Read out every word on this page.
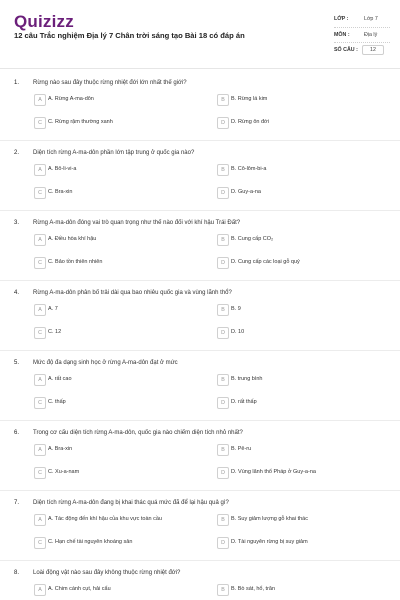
Quizizz
12 câu Trắc nghiệm Địa lý 7 Chân trời sáng tạo Bài 18 có đáp án
LỚP :	Lớp 7
MÔN :	Địa lý
SỐ CÂU :	12
1. Rừng nào sau đây thuộc rừng nhiệt đới lớn nhất thế giới?
A	A. Rừng A-ma-dôn	B	B. Rừng lá kim
C	C. Rừng rậm thường xanh	D	D. Rừng ôn đới
2. Diện tích rừng A-ma-dôn phần lớn tập trung ở quốc gia nào?
A	A. Bô-li-vi-a	B	B. Cô-lôm-bi-a
C	C. Bra-xin	D	D. Guy-a-na
3. Rừng A-ma-dôn đóng vai trò quan trọng như thế nào đối với khí hậu Trái Đất?
A	A. Điều hòa khí hậu	B	B. Cung cấp CO₂
C	C. Bảo tồn thiên nhiên	D	D. Cung cấp các loại gỗ quý
4. Rừng A-ma-dôn phân bố trải dài qua bao nhiêu quốc gia và vùng lãnh thổ?
A	A. 7	B	B. 9
C	C. 12	D	D. 10
5. Mức độ đa dạng sinh học ở rừng A-ma-dôn đạt ở mức
A	A. rất cao	B	B. trung bình
C	C. thấp	D	D. rất thấp
6. Trong cơ cấu diện tích rừng A-ma-dôn, quốc gia nào chiếm diện tích nhỏ nhất?
A	A. Bra-xin	B	B. Pê-ru
C	C. Xu-a-nam	D	D. Vùng lãnh thổ Pháp ở Guy-a-na
7. Diện tích rừng A-ma-dôn đang bị khai thác quá mức đã để lại hậu quả gì?
A	A. Tác động đến khí hậu của khu vực toàn cầu	B	B. Suy giảm lượng gỗ khai thác
C	C. Hạn chế tài nguyên khoáng sản	D	D. Tài nguyên rừng bị suy giảm
8. Loài động vật nào sau đây không thuộc rừng nhiệt đới?
A	A. Chim cánh cụt, hải cẩu	B	B. Bò sát, hổ, trăn
